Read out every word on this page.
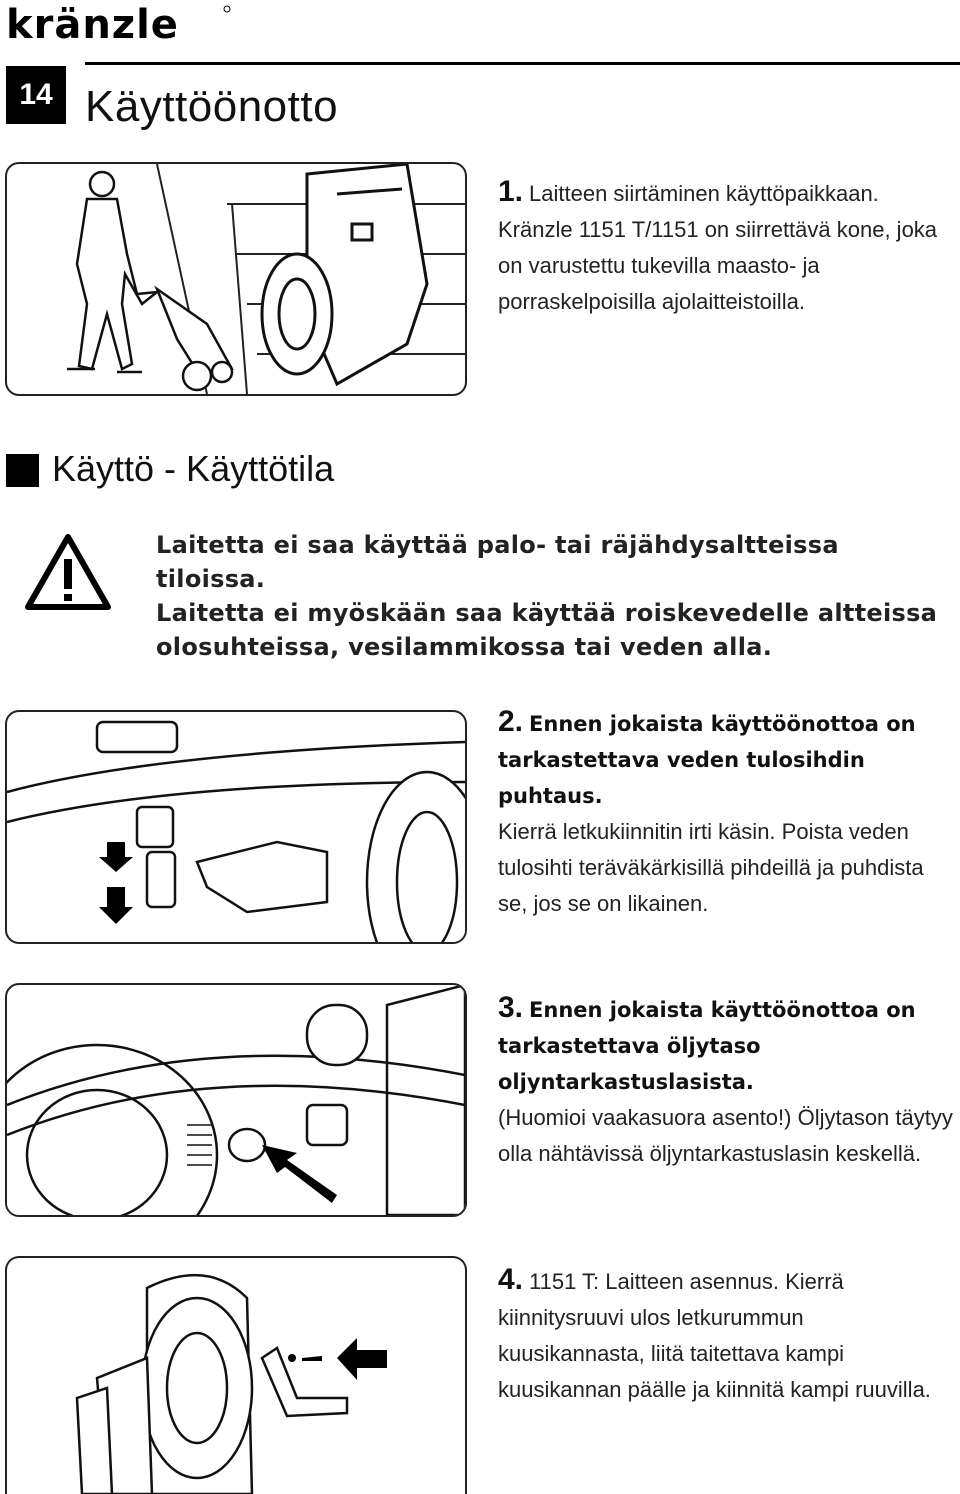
kränzle
14 Käyttöönotto
1. Laitteen siirtäminen käyttöpaikkaan. Kränzle 1151 T/1151 on siirrettävä kone, joka on varustettu tukevilla maasto- ja porraskelpoisilla ajolaitteistoilla.
Käyttö - Käyttötila
Laitetta ei saa käyttää palo- tai räjähdysaltteissa tiloissa.
Laitetta ei myöskään saa käyttää roiskevedelle altteissa olosuhteissa, vesilammikossa tai veden alla.
2. Ennen jokaista käyttöönottoa on tarkastettava veden tulosihdin puhtaus.
Kierrä letkukiinnitin irti käsin. Poista veden tulosihti teräväkärkisillä pihdeillä ja puhdista se, jos se on likainen.
3. Ennen jokaista käyttöönottoa on tarkastettava öljytaso oljyntarkastuslasista.
(Huomioi vaakasuora asento!) Öljytason täytyy olla nähtävissä öljyntarkastuslasin keskellä.
4. 1151 T: Laitteen asennus. Kierrä kiinnitysruuvi ulos letkurummun kuusikannasta, liitä taitettava kampi kuusikannan päälle ja kiinnitä kampi ruuvilla.
